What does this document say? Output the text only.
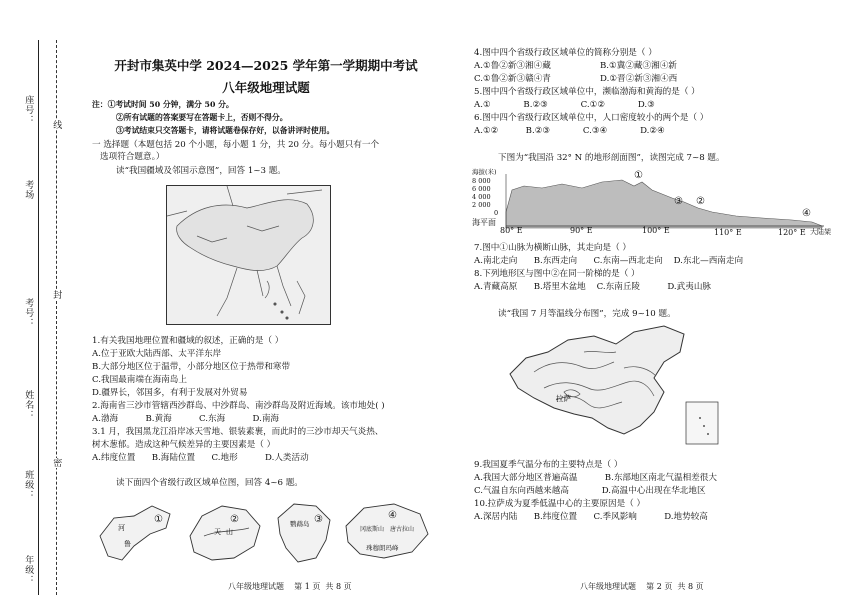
座号：
考场
考号：
姓名：
班级：
年级：
线
封
密
开封市集英中学 2024—2025 学年第一学期期中考试
八年级地理试题
注：①考试时间 50 分钟，满分 50 分。
②所有试题的答案要写在答题卡上，否则不得分。
③考试结束只交答题卡，请将试题卷保存好，以备讲评时使用。
一 选择题（本题包括 20 个小题，每小题 1 分，共 20 分。每小题只有一个
选项符合题意。）
读“我国疆域及邻国示意图”，回答 1~3 题。
1.有关我国地理位置和疆域的叙述，正确的是（ ）
A.位于亚欧大陆西部、太平洋东岸
B.大部分地区位于温带，小部分地区位于热带和寒带
C.我国最南端在海南岛上
D.疆界长，邻国多，有利于发展对外贸易
2.海南省三沙市管辖西沙群岛、中沙群岛、南沙群岛及附近海域。该市地处( )
A.渤海          B.黄海          C.东海          D.南海
3.1 月，我国黑龙江沿岸冰天雪地、银装素裹，而此时的三沙市却天气炎热、
树木葱郁。造成这种气候差异的主要因素是（ ）
A.纬度位置      B.海陆位置      C.地形          D.人类活动
读下面四个省级行政区域单位图，回答 4~6 题。
①
河
鲁
②
天 山
③
鹦鹉岛
④
冈底斯山 唐古拉山
珠穆朗玛峰
4.图中四个省级行政区域单位的简称分别是（ ）
A.①鲁②新③湘④藏                  B.①冀②藏③湘④新
C.①鲁②新③赣④青                  D.①晋②新③湘④西
5.图中四个省级行政区域单位中，濒临渤海和黄海的是（ ）
A.①            B.②③            C.①②            D.③
6.图中四个省级行政区域单位中，人口密度较小的两个是（ ）
A.①②          B.②③            C.③④            D.②④
下图为“我国沿 32° N 的地形剖面图”，读图完成 7~8 题。
海拔(米)
8 000
6 000
4 000
2 000
0
海平面
80° E	90° E	100° E	110° E	120° E
①
②
③
④
大陆架
7.图中①山脉为横断山脉，其走向是（ ）
A.南北走向      B.东西走向      C.东南—西北走向    D.东北—西南走向
8.下列地形区与图中②在同一阶梯的是（ ）
A.青藏高原      B.塔里木盆地    C.东南丘陵          D.武夷山脉
读“我国 7 月等温线分布图”，完成 9~10 题。
拉萨
9.我国夏季气温分布的主要特点是（ ）
A.我国大部分地区普遍高温          B.东部地区南北气温相差很大
C.气温自东向西越来越高            D.高温中心出现在华北地区
10.拉萨成为夏季低温中心的主要原因是（ ）
A.深居内陆      B.纬度位置      C.季风影响          D.地势较高
八年级地理试题    第 1 页  共 8 页	八年级地理试题    第 2 页  共 8 页
